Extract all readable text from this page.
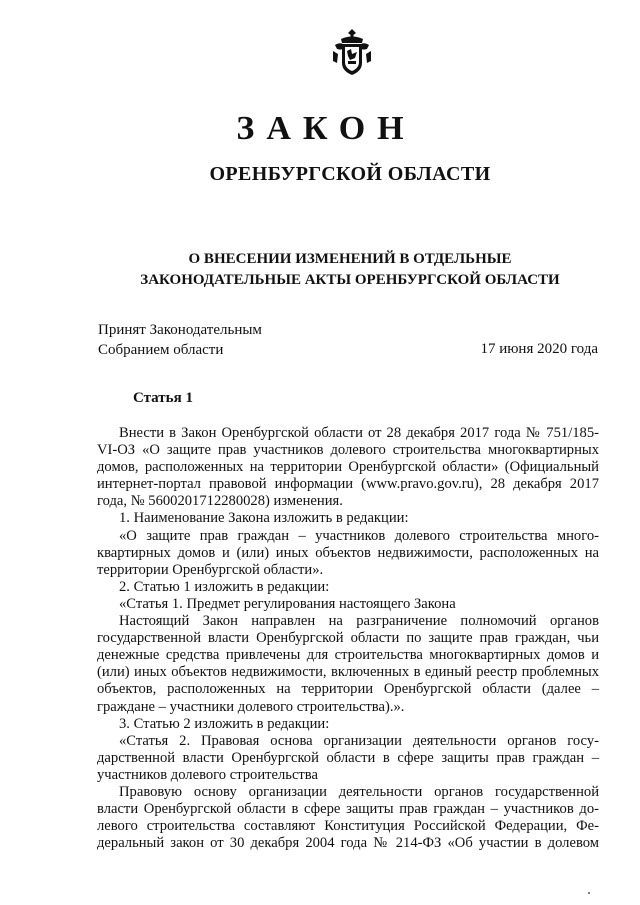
ЗАКОН
ОРЕНБУРГСКОЙ ОБЛАСТИ
О ВНЕСЕНИИ ИЗМЕНЕНИЙ В ОТДЕЛЬНЫЕ
ЗАКОНОДАТЕЛЬНЫЕ АКТЫ ОРЕНБУРГСКОЙ ОБЛАСТИ
Принят Законодательным
Собранием области	17 июня 2020 года
Статья 1

Внести в Закон Оренбургской области от 28 декабря 2017 года № 751/185-VI-ОЗ «О защите прав участников долевого строительства многоквартирных домов, расположенных на территории Оренбургской области» (Официальный интернет-портал правовой информации (www.pravo.gov.ru), 28 декабря 2017 года, № 5600201712280028) изменения.

1. Наименование Закона изложить в редакции:

«О защите прав граждан – участников долевого строительства многоквартирных домов и (или) иных объектов недвижимости, расположенных на территории Оренбургской области».

2. Статью 1 изложить в редакции:

«Статья 1. Предмет регулирования настоящего Закона

Настоящий Закон направлен на разграничение полномочий органов государственной власти Оренбургской области по защите прав граждан, чьи денежные средства привлечены для строительства многоквартирных домов и (или) иных объектов недвижимости, включенных в единый реестр проблемных объектов, расположенных на территории Оренбургской области (далее – граждане – участники долевого строительства).».

3. Статью 2 изложить в редакции:

«Статья 2. Правовая основа организации деятельности органов государственной власти Оренбургской области в сфере защиты прав граждан – участников долевого строительства

Правовую основу организации деятельности органов государственной власти Оренбургской области в сфере защиты прав граждан – участников долевого строительства составляют Конституция Российской Федерации, Федеральный закон от 30 декабря 2004 года № 214-ФЗ «Об участии в долевом
